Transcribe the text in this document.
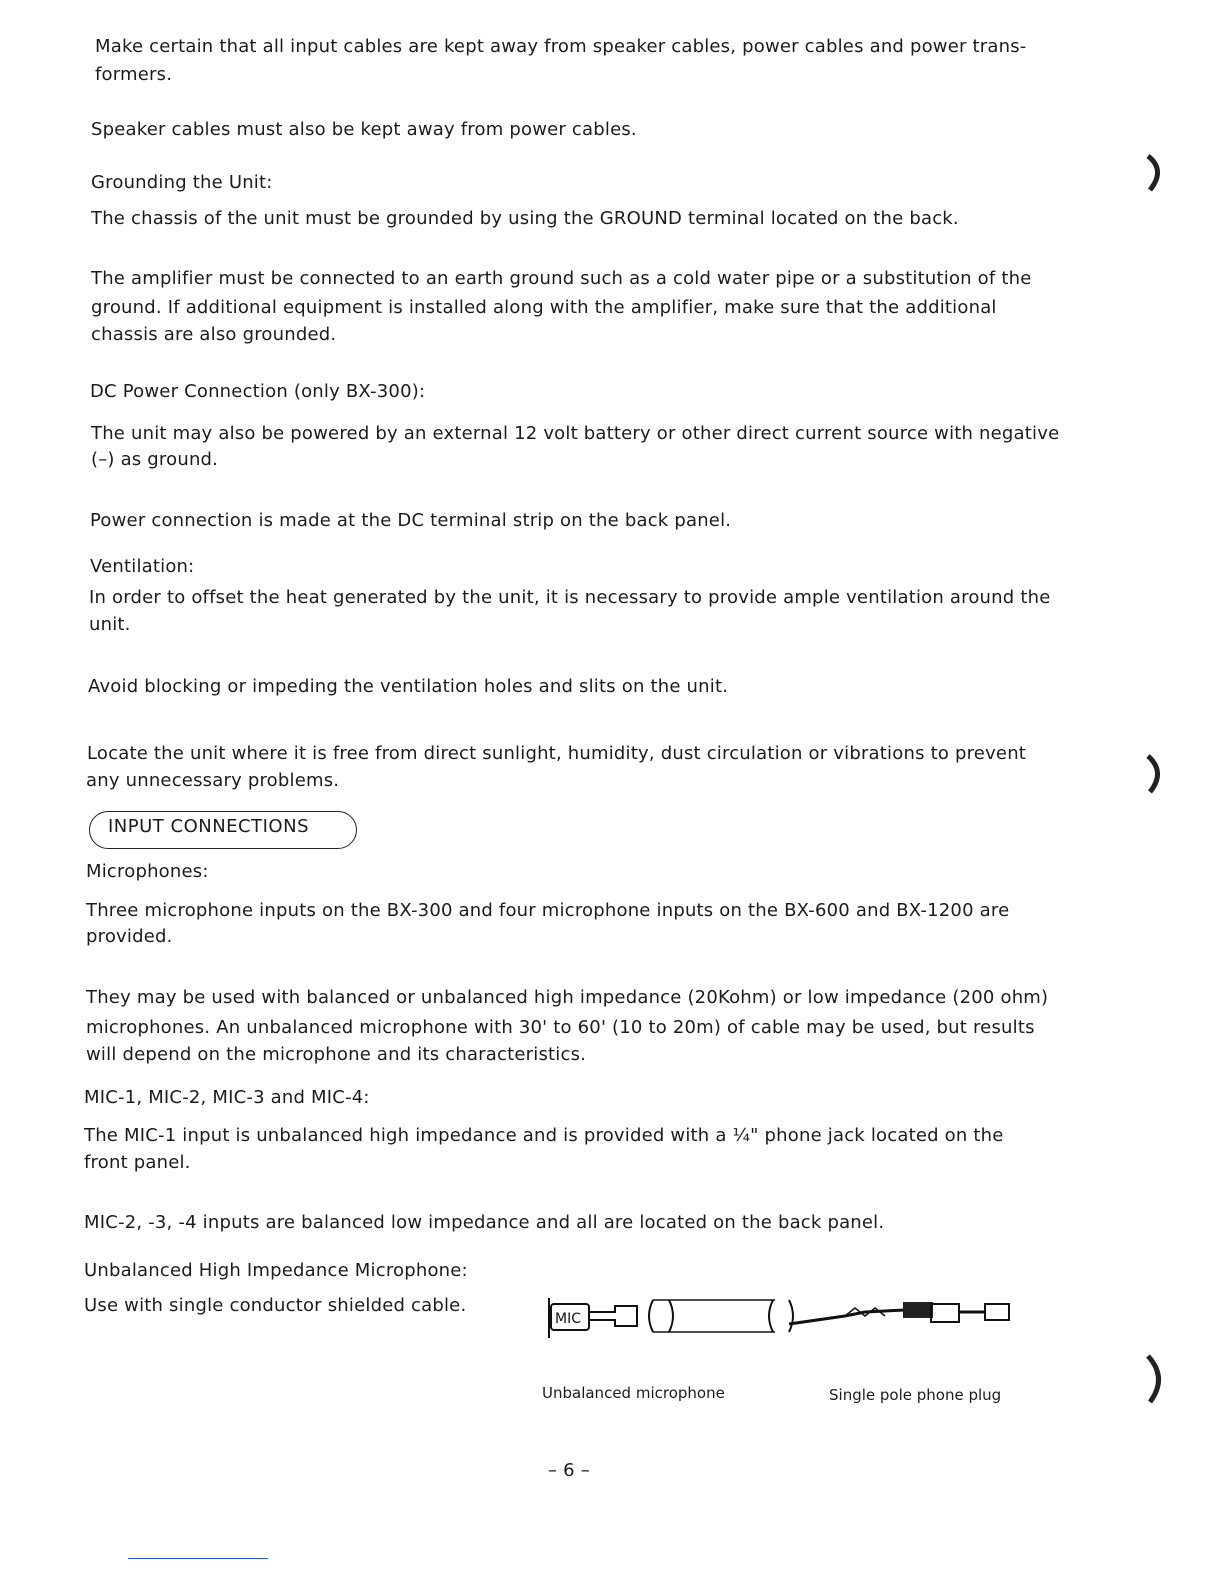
Make certain that all input cables are kept away from speaker cables, power cables and power trans-
formers.
Speaker cables must also be kept away from power cables.
Grounding the Unit:
The chassis of the unit must be grounded by using the GROUND terminal located on the back.
The amplifier must be connected to an earth ground such as a cold water pipe or a substitution of the
ground. If additional equipment is installed along with the amplifier, make sure that the additional
chassis are also grounded.
DC Power Connection (only BX-300):
The unit may also be powered by an external 12 volt battery or other direct current source with negative
(–) as ground.
Power connection is made at the DC terminal strip on the back panel.
Ventilation:
In order to offset the heat generated by the unit, it is necessary to provide ample ventilation around the
unit.
Avoid blocking or impeding the ventilation holes and slits on the unit.
Locate the unit where it is free from direct sunlight, humidity, dust circulation or vibrations to prevent
any unnecessary problems.
INPUT CONNECTIONS
Microphones:
Three microphone inputs on the BX-300 and four microphone inputs on the BX-600 and BX-1200 are
provided.
They may be used with balanced or unbalanced high impedance (20Kohm) or low impedance (200 ohm)
microphones. An unbalanced microphone with 30' to 60' (10 to 20m) of cable may be used, but results
will depend on the microphone and its characteristics.
MIC-1, MIC-2, MIC-3 and MIC-4:
The MIC-1 input is unbalanced high impedance and is provided with a ¼" phone jack located on the
front panel.
MIC-2, -3, -4 inputs are balanced low impedance and all are located on the back panel.
Unbalanced High Impedance Microphone:
Use with single conductor shielded cable.
MIC
Unbalanced microphone	Single pole phone plug
– 6 –
